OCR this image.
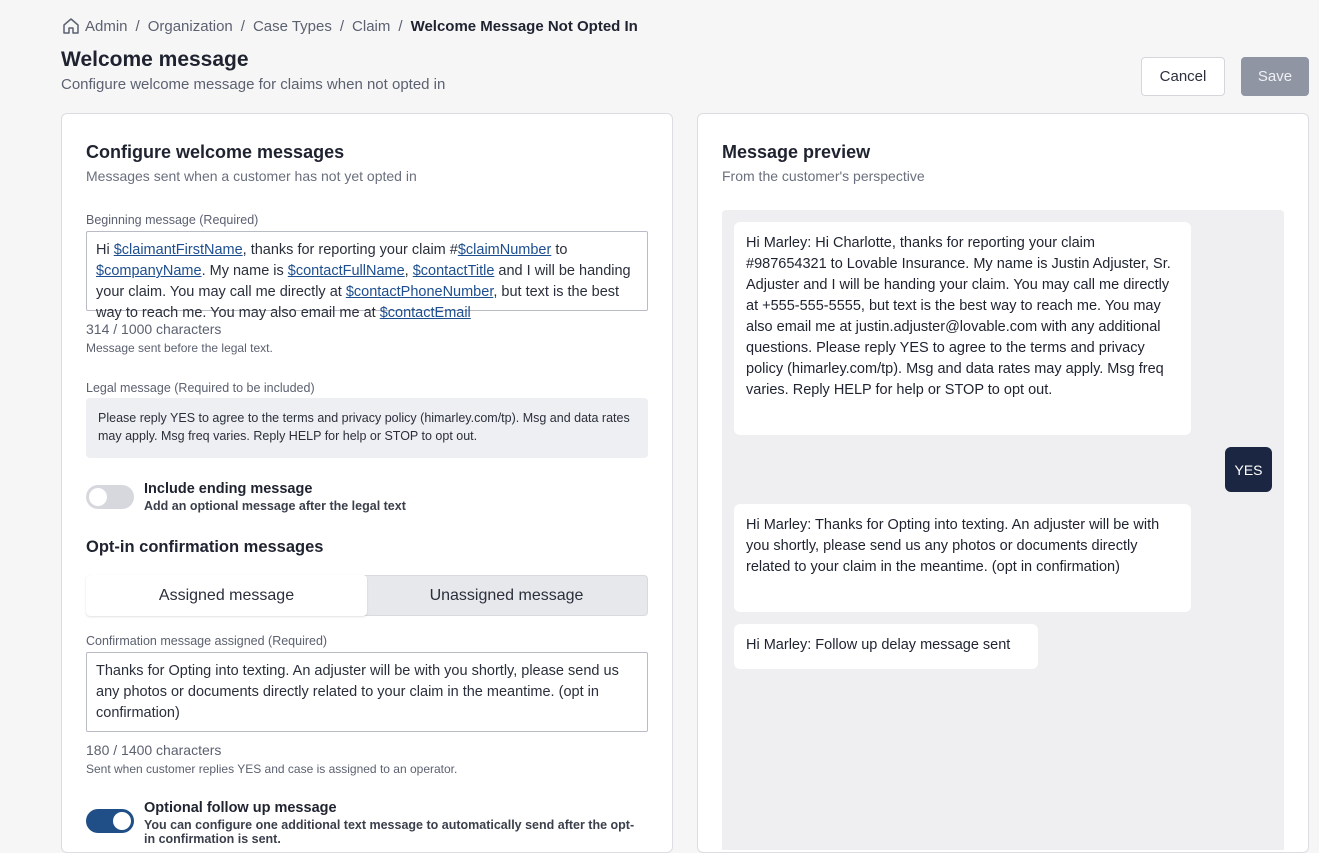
Admin / Organization / Case Types / Claim / Welcome Message Not Opted In
Welcome message
Configure welcome message for claims when not opted in	Cancel	Save
Configure welcome messages
Messages sent when a customer has not yet opted in
Beginning message (Required)
Hi $claimantFirstName, thanks for reporting your claim #$claimNumber to $companyName. My name is $contactFullName, $contactTitle and I will be handing your claim. You may call me directly at $contactPhoneNumber, but text is the best way to reach me. You may also email me at $contactEmail
314 / 1000 characters
Message sent before the legal text.
Legal message (Required to be included)
Please reply YES to agree to the terms and privacy policy (himarley.com/tp). Msg and data rates may apply. Msg freq varies. Reply HELP for help or STOP to opt out.
Include ending message
Add an optional message after the legal text
Opt-in confirmation messages
Assigned message	Unassigned message
Confirmation message assigned (Required)
Thanks for Opting into texting. An adjuster will be with you shortly, please send us any photos or documents directly related to your claim in the meantime. (opt in confirmation)
180 / 1400 characters
Sent when customer replies YES and case is assigned to an operator.
Optional follow up message
You can configure one additional text message to automatically send after the opt-in confirmation is sent.
Message preview
From the customer's perspective
Hi Marley: Hi Charlotte, thanks for reporting your claim #987654321 to Lovable Insurance. My name is Justin Adjuster, Sr. Adjuster and I will be handing your claim. You may call me directly at +555-555-5555, but text is the best way to reach me. You may also email me at justin.adjuster@lovable.com with any additional questions. Please reply YES to agree to the terms and privacy policy (himarley.com/tp). Msg and data rates may apply. Msg freq varies. Reply HELP for help or STOP to opt out.
YES
Hi Marley: Thanks for Opting into texting. An adjuster will be with you shortly, please send us any photos or documents directly related to your claim in the meantime. (opt in confirmation)
Hi Marley: Follow up delay message sent
